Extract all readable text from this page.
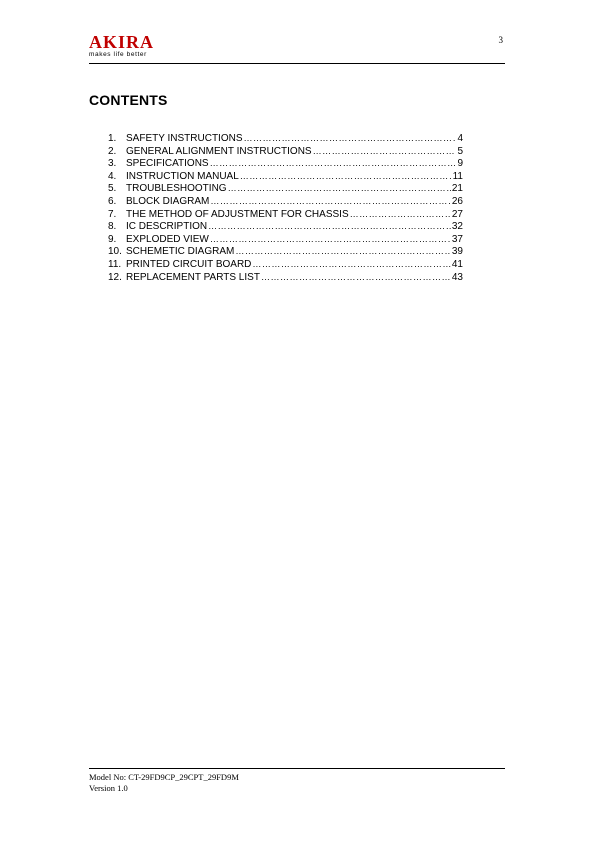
AKIRA
makes life better
3
CONTENTS
1. SAFETY INSTRUCTIONS ………………………………………………………………………………………………………………………………………………………………	4
2. GENERAL ALIGNMENT INSTRUCTIONS ………………………………………………………………………………………………………………………………………………………………	5
3. SPECIFICATIONS ………………………………………………………………………………………………………………………………………………………………	9
4. INSTRUCTION MANUAL ………………………………………………………………………………………………………………………………………………………………	11
5. TROUBLESHOOTING ………………………………………………………………………………………………………………………………………………………………	21
6. BLOCK DIAGRAM ………………………………………………………………………………………………………………………………………………………………	26
7. THE METHOD OF ADJUSTMENT FOR CHASSIS ………………………………………………………………………………………………………………………………………………………………	27
8. IC DESCRIPTION ………………………………………………………………………………………………………………………………………………………………	32
9. EXPLODED VIEW ………………………………………………………………………………………………………………………………………………………………	37
10. SCHEMETIC DIAGRAM ………………………………………………………………………………………………………………………………………………………………	39
11. PRINTED CIRCUIT BOARD ………………………………………………………………………………………………………………………………………………………………	41
12. REPLACEMENT PARTS LIST ………………………………………………………………………………………………………………………………………………………………	43
Model No: CT-29FD9CP_29CPT_29FD9M
Version 1.0
